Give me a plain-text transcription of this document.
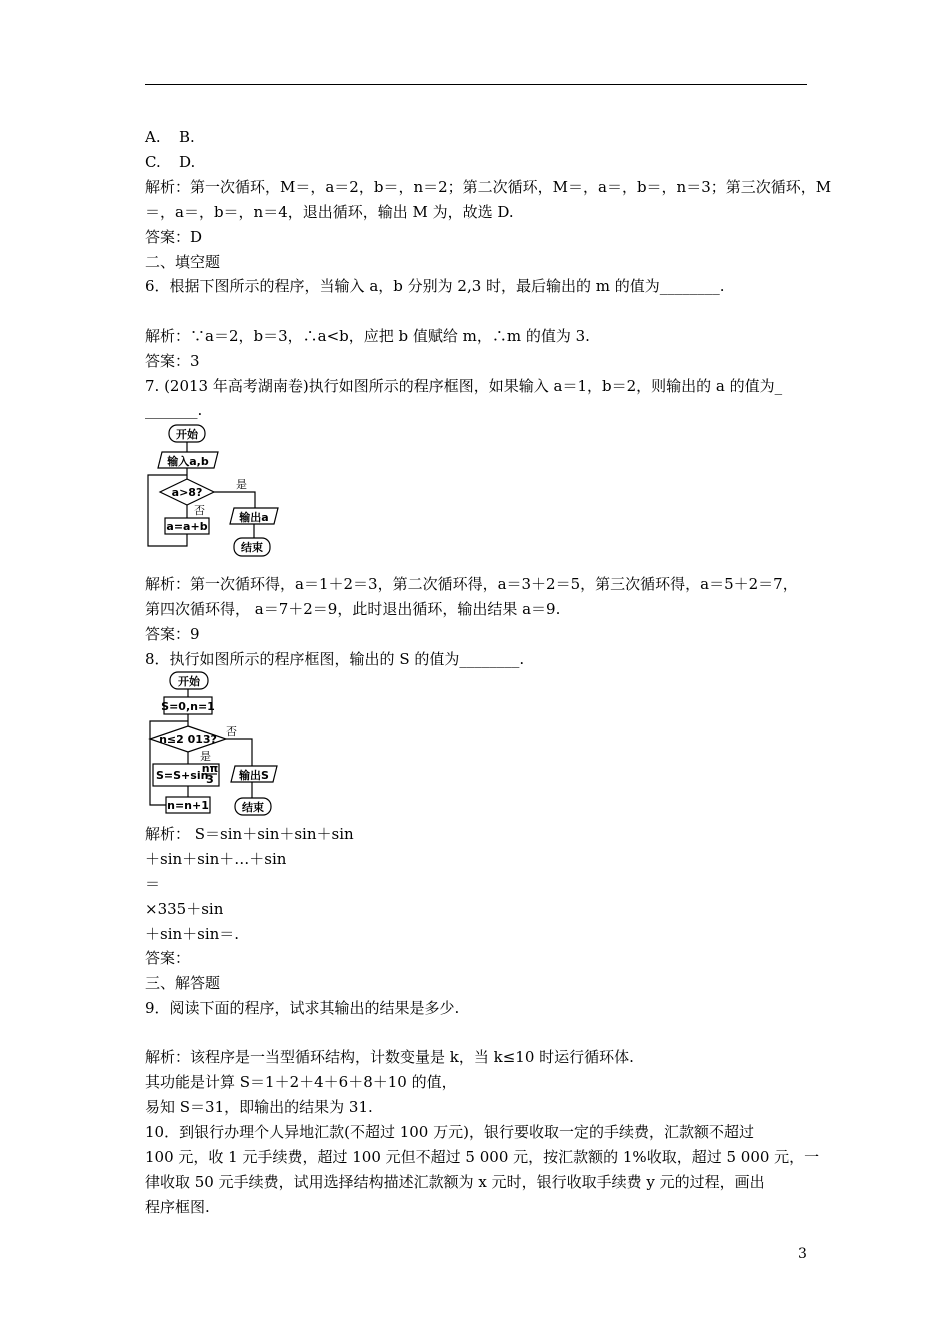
A. B.
C. D.
解析：第一次循环，M＝，a＝2，b＝，n＝2；第二次循环，M＝，a＝，b＝，n＝3；第三次循环，M
＝，a＝，b＝，n＝4，退出循环，输出 M 为，故选 D.
答案：D
二、填空题
6．根据下图所示的程序，当输入 a，b 分别为 2,3 时，最后输出的 m 的值为________.
解析：∵a＝2，b＝3，∴a<b，应把 b 值赋给 m，∴m 的值为 3.
答案：3
7. (2013 年高考湖南卷)执行如图所示的程序框图，如果输入 a＝1，b＝2，则输出的 a 的值为_
_______.
开始
输入a,b
a>8?
是
输出a
结束
否
a=a+b
解析：第一次循环得，a＝1＋2＝3，第二次循环得，a＝3＋2＝5，第三次循环得，a＝5＋2＝7，
第四次循环得， a＝7＋2＝9，此时退出循环，输出结果 a＝9.
答案：9
8．执行如图所示的程序框图，输出的 S 的值为________.
开始
S=0,n=1
n≤2 013?
否
输出S
结束
是
S=S+sin
nπ
3
n=n+1
解析： S＝sin＋sin＋sin＋sin
＋sin＋sin＋…＋sin
＝
×335＋sin
＋sin＋sin＝.
答案：
三、解答题
9．阅读下面的程序，试求其输出的结果是多少.
解析：该程序是一当型循环结构，计数变量是 k，当 k≤10 时运行循环体.
其功能是计算 S＝1＋2＋4＋6＋8＋10 的值，
易知 S＝31，即输出的结果为 31.
10．到银行办理个人异地汇款(不超过 100 万元)，银行要收取一定的手续费，汇款额不超过
100 元，收 1 元手续费，超过 100 元但不超过 5 000 元，按汇款额的 1%收取，超过 5 000 元，一
律收取 50 元手续费，试用选择结构描述汇款额为 x 元时，银行收取手续费 y 元的过程，画出
程序框图.
3
